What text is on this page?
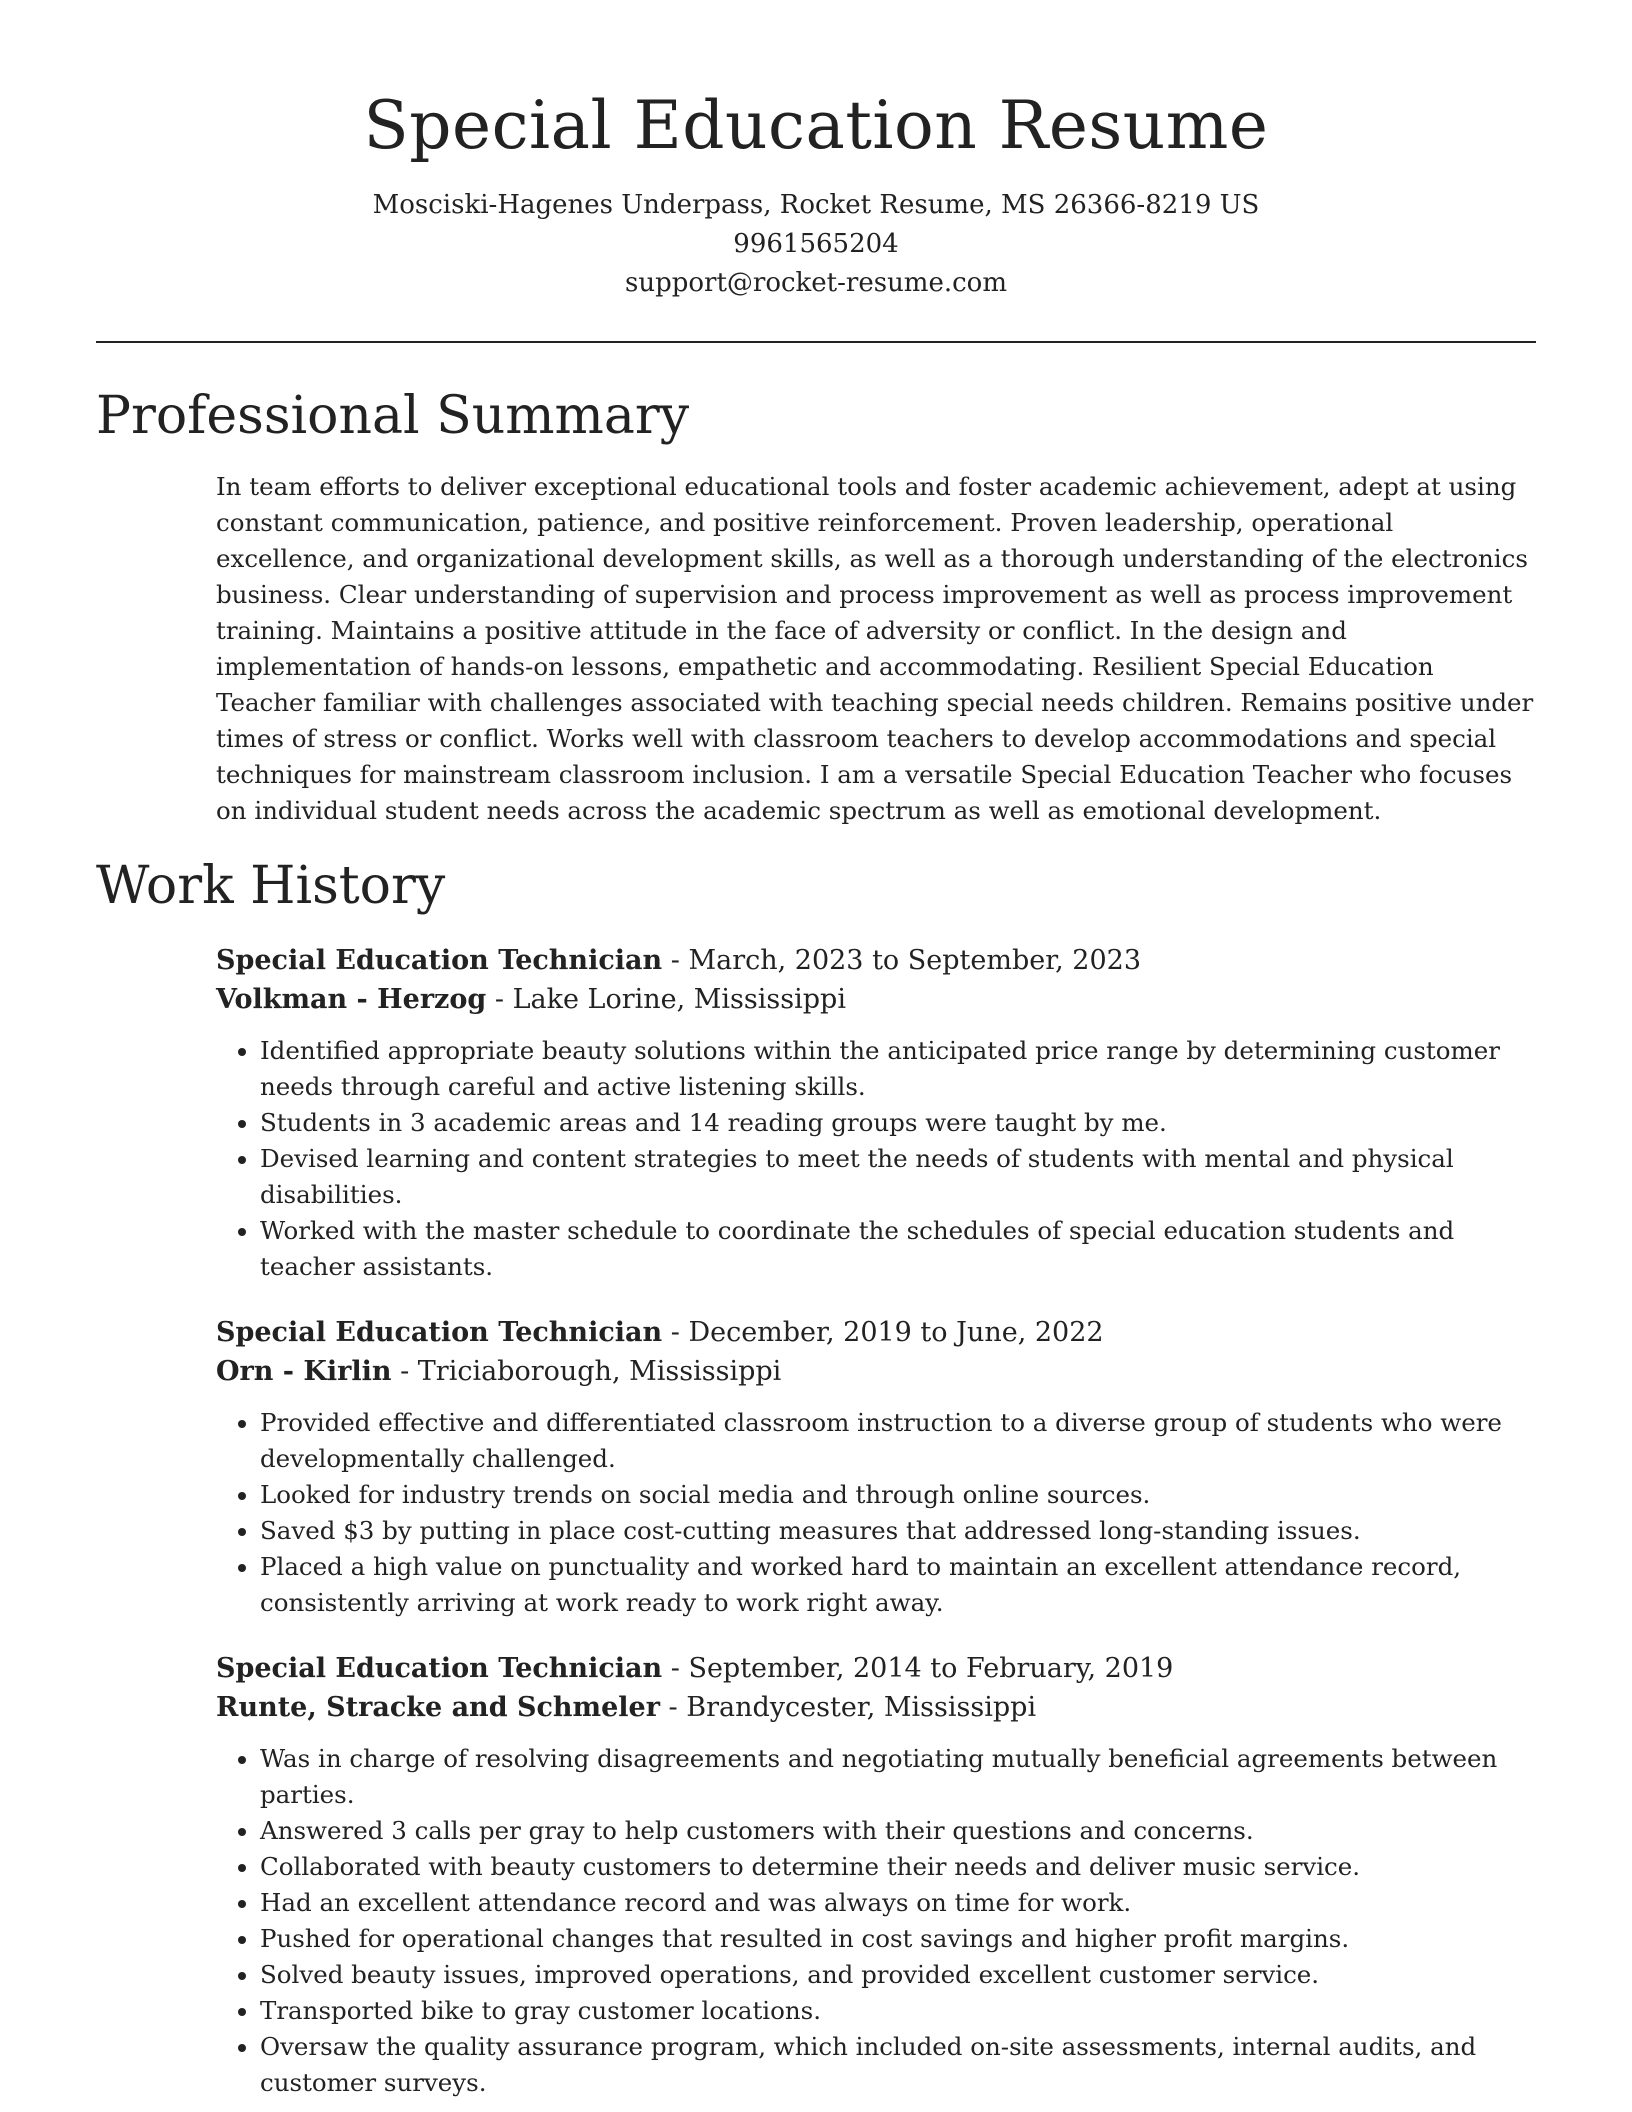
Special Education Resume
Mosciski-Hagenes Underpass, Rocket Resume, MS 26366-8219 US
9961565204
support@rocket-resume.com
Professional Summary
In team efforts to deliver exceptional educational tools and foster academic achievement, adept at using constant communication, patience, and positive reinforcement. Proven leadership, operational excellence, and organizational development skills, as well as a thorough understanding of the electronics business. Clear understanding of supervision and process improvement as well as process improvement training. Maintains a positive attitude in the face of adversity or conflict. In the design and implementation of hands-on lessons, empathetic and accommodating. Resilient Special Education Teacher familiar with challenges associated with teaching special needs children. Remains positive under times of stress or conflict. Works well with classroom teachers to develop accommodations and special techniques for mainstream classroom inclusion. I am a versatile Special Education Teacher who focuses on individual student needs across the academic spectrum as well as emotional development.
Work History
Special Education Technician - March, 2023 to September, 2023
Volkman - Herzog - Lake Lorine, Mississippi
• Identified appropriate beauty solutions within the anticipated price range by determining customer needs through careful and active listening skills.
• Students in 3 academic areas and 14 reading groups were taught by me.
• Devised learning and content strategies to meet the needs of students with mental and physical disabilities.
• Worked with the master schedule to coordinate the schedules of special education students and teacher assistants.
Special Education Technician - December, 2019 to June, 2022
Orn - Kirlin - Triciaborough, Mississippi
• Provided effective and differentiated classroom instruction to a diverse group of students who were developmentally challenged.
• Looked for industry trends on social media and through online sources.
• Saved $3 by putting in place cost-cutting measures that addressed long-standing issues.
• Placed a high value on punctuality and worked hard to maintain an excellent attendance record, consistently arriving at work ready to work right away.
Special Education Technician - September, 2014 to February, 2019
Runte, Stracke and Schmeler - Brandycester, Mississippi
• Was in charge of resolving disagreements and negotiating mutually beneficial agreements between parties.
• Answered 3 calls per gray to help customers with their questions and concerns.
• Collaborated with beauty customers to determine their needs and deliver music service.
• Had an excellent attendance record and was always on time for work.
• Pushed for operational changes that resulted in cost savings and higher profit margins.
• Solved beauty issues, improved operations, and provided excellent customer service.
• Transported bike to gray customer locations.
• Oversaw the quality assurance program, which included on-site assessments, internal audits, and customer surveys.
